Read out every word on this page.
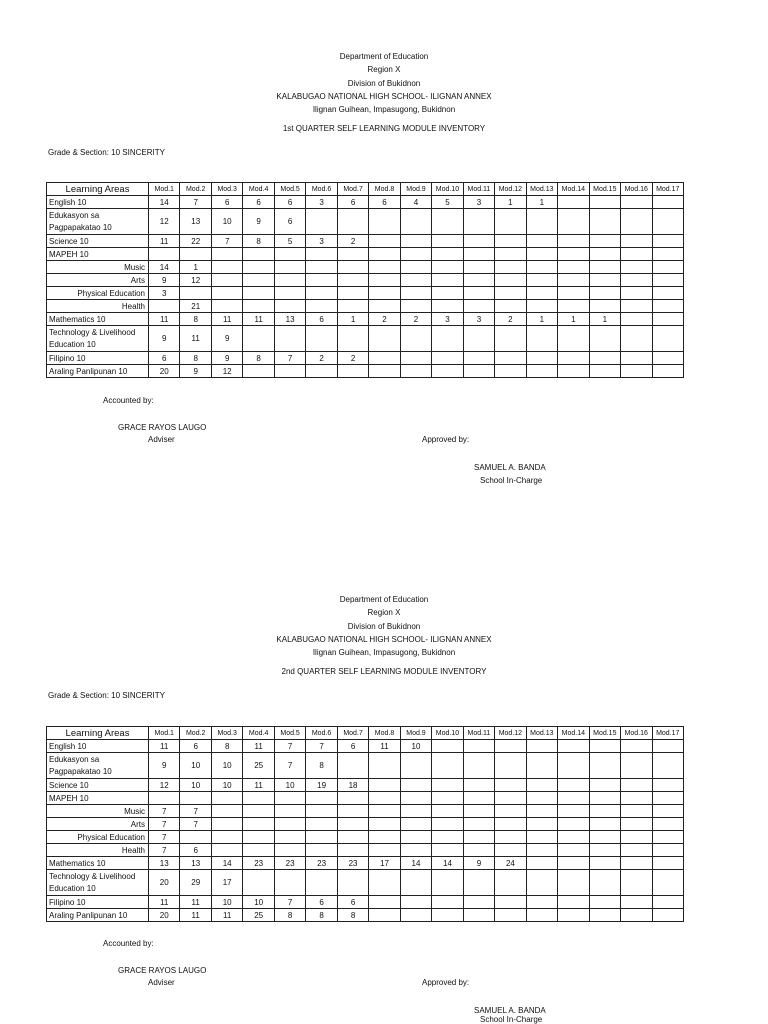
Department of Education
Region X
Division of Bukidnon
KALABUGAO NATIONAL HIGH SCHOOL- ILIGNAN ANNEX
Ilignan Guihean, Impasugong, Bukidnon
1st QUARTER SELF LEARNING MODULE INVENTORY
Grade & Section: 10 SINCERITY
Learning Areas	Mod.1	Mod.2	Mod.3	Mod.4	Mod.5	Mod.6	Mod.7	Mod.8	Mod.9	Mod.10	Mod.11	Mod.12	Mod.13	Mod.14	Mod.15	Mod.16	Mod.17
English 10	14	7	6	6	6	3	6	6	4	5	3	1	1				
Edukasyon sa Pagpapakatao 10	12	13	10	9	6												
Science 10	11	22	7	8	5	3	2										
MAPEH 10																	
Music	14	1															
Arts	9	12															
Physical Education	3																
Health		21															
Mathematics 10	11	8	11	11	13	6	1	2	2	3	3	2	1	1	1		
Technology & Livelihood Education 10	9	11	9														
Filipino 10	6	8	9	8	7	2	2										
Araling Panlipunan 10	20	9	12														
Accounted by:
GRACE RAYOS LAUGO
Adviser	Approved by:
SAMUEL A. BANDA
School In-Charge
Department of Education
Region X
Division of Bukidnon
KALABUGAO NATIONAL HIGH SCHOOL- ILIGNAN ANNEX
Ilignan Guihean, Impasugong, Bukidnon
2nd QUARTER SELF LEARNING MODULE INVENTORY
Grade & Section: 10 SINCERITY
Learning Areas	Mod.1	Mod.2	Mod.3	Mod.4	Mod.5	Mod.6	Mod.7	Mod.8	Mod.9	Mod.10	Mod.11	Mod.12	Mod.13	Mod.14	Mod.15	Mod.16	Mod.17
English 10	11	6	8	11	7	7	6	11	10								
Edukasyon sa Pagpapakatao 10	9	10	10	25	7	8											
Science 10	12	10	10	11	10	19	18										
MAPEH 10																	
Music	7	7															
Arts	7	7															
Physical Education	7																
Health	7	6															
Mathematics 10	13	13	14	23	23	23	23	17	14	14	9	24					
Technology & Livelihood Education 10	20	29	17														
Filipino 10	11	11	10	10	7	6	6										
Araling Panlipunan 10	20	11	11	25	8	8	8										
Accounted by:
GRACE RAYOS LAUGO
Adviser	Approved by:
SAMUEL A. BANDA
School In-Charge
